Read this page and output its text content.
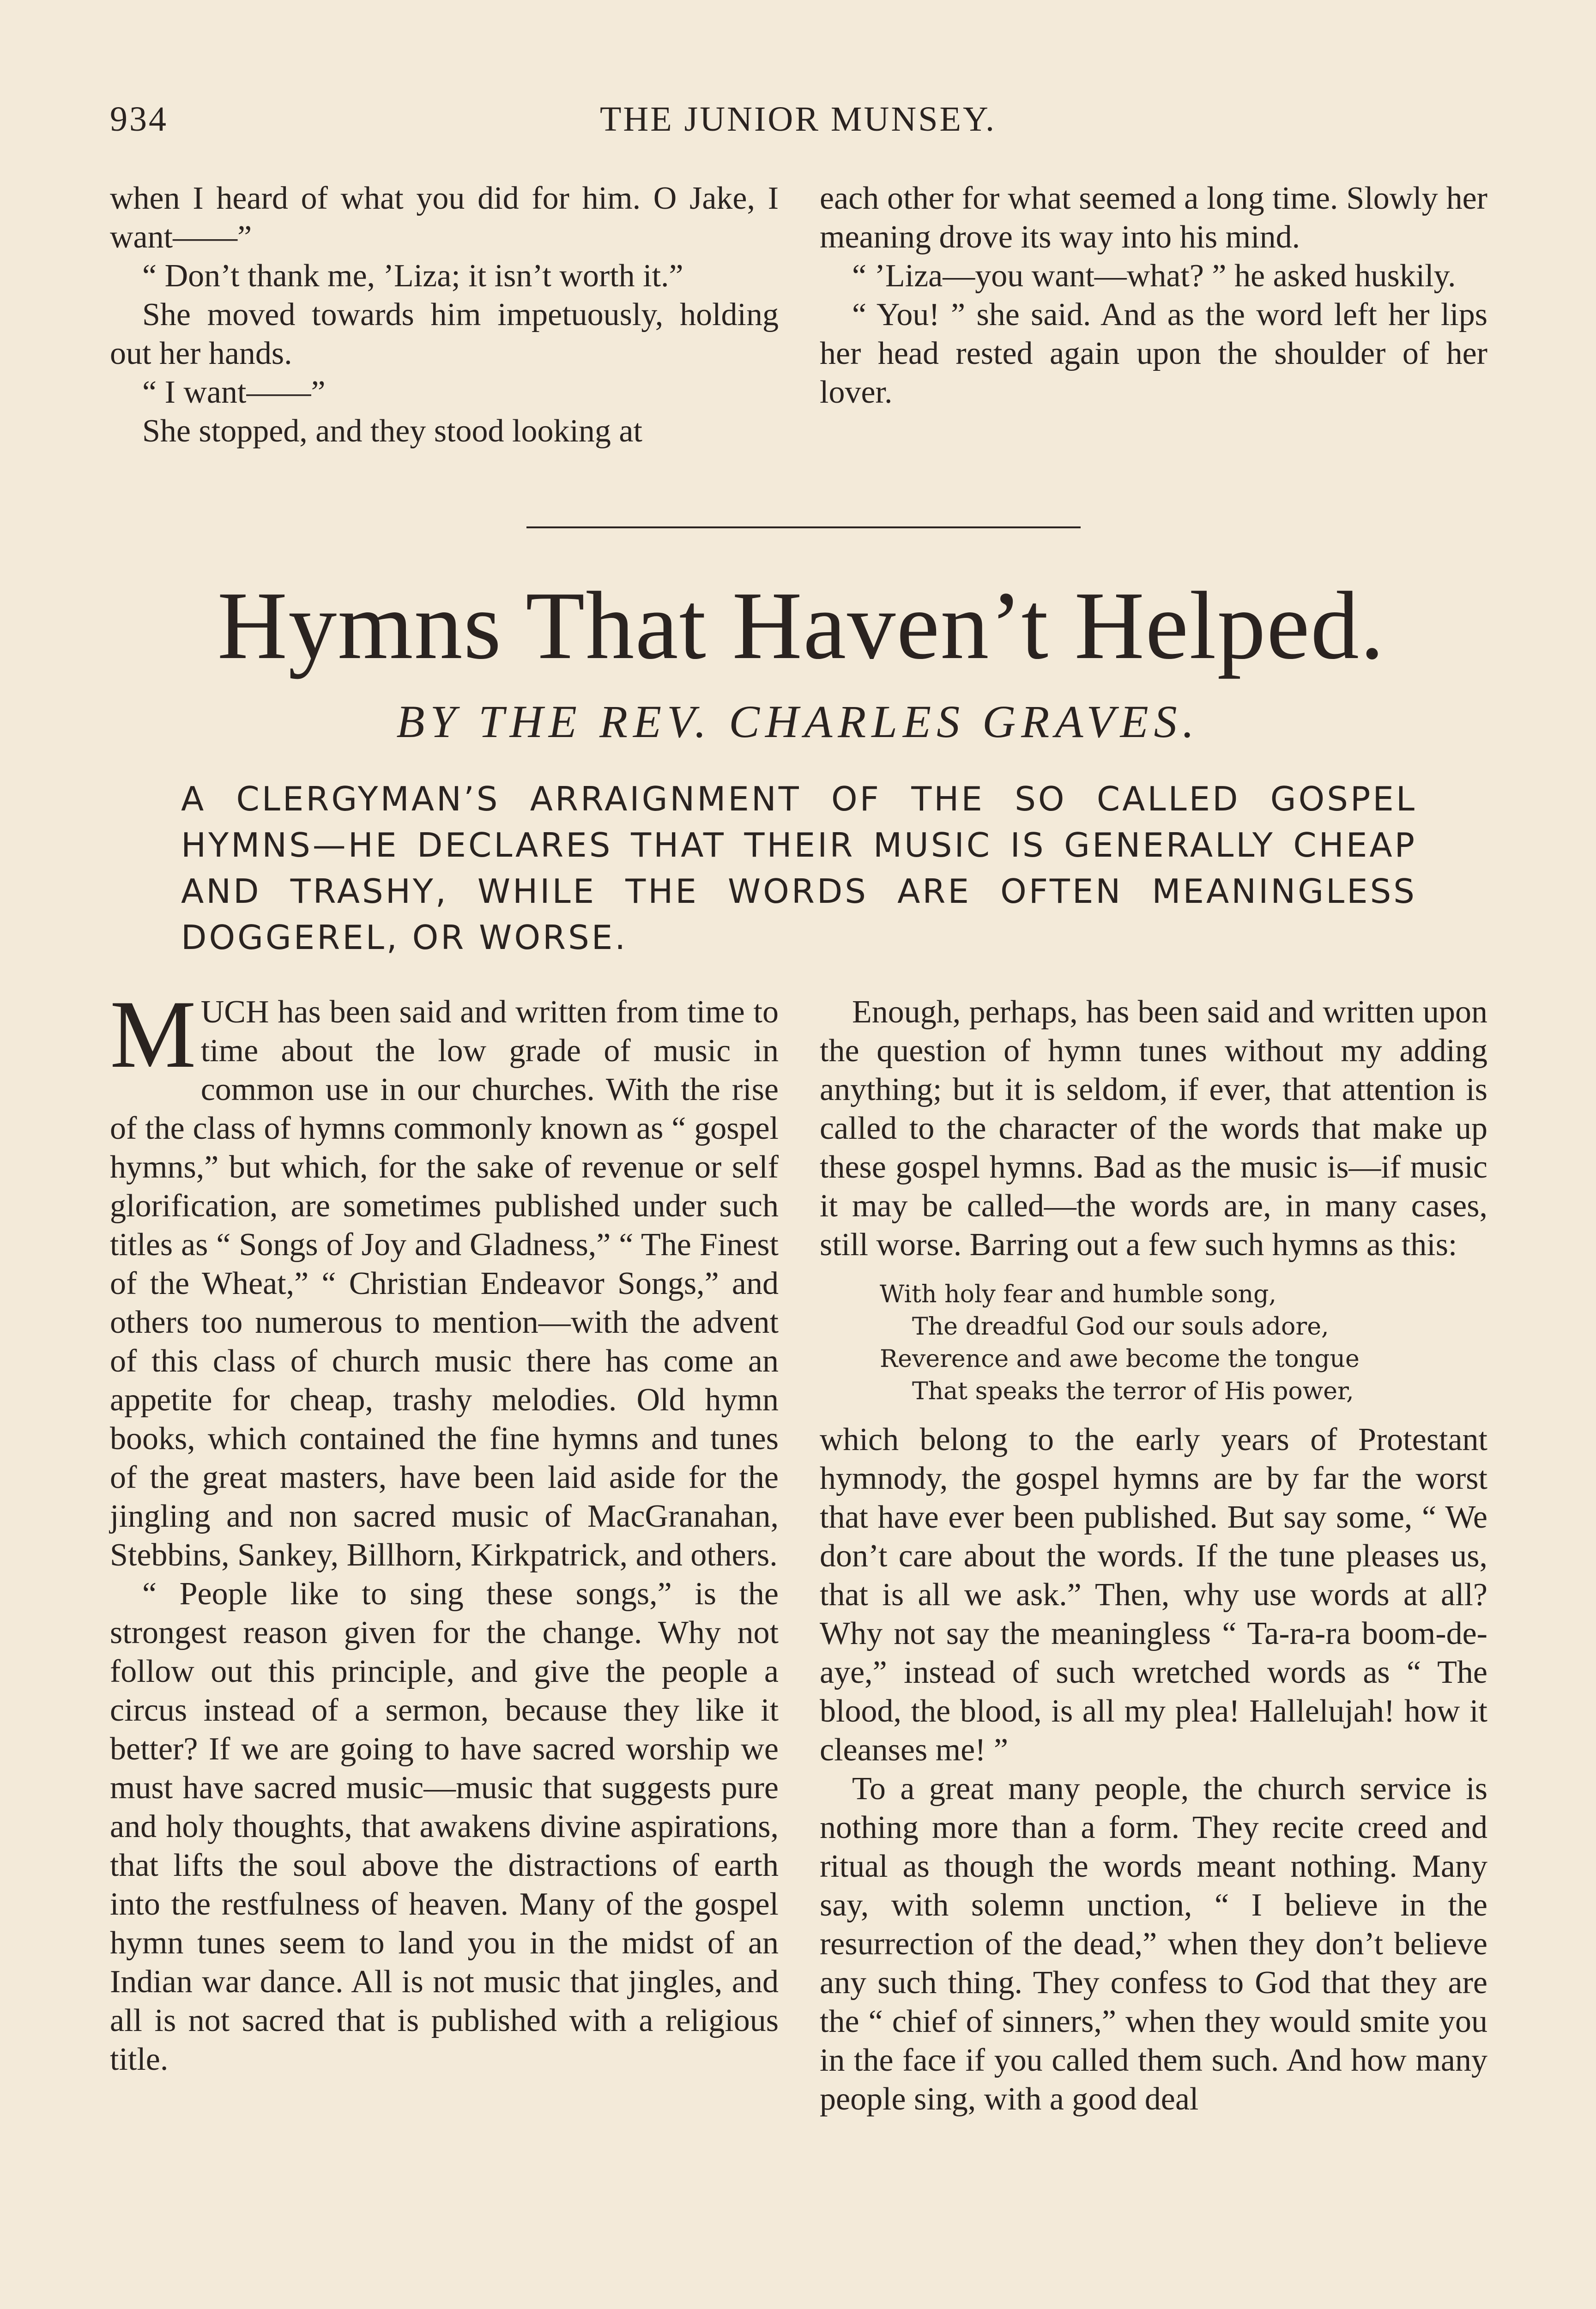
934	THE JUNIOR MUNSEY.

when I heard of what you did for him. O Jake, I want——”

“ Don’t thank me, ’Liza; it isn’t worth it.”

She moved towards him impetuously, holding out her hands.

“ I want——”

She stopped, and they stood looking at

each other for what seemed a long time. Slowly her meaning drove its way into his mind.

“ ’Liza—you want—what? ” he asked huskily.

“ You! ” she said. And as the word left her lips her head rested again upon the shoulder of her lover.

Hymns That Haven’t Helped.
BY THE REV. CHARLES GRAVES.
A CLERGYMAN’S ARRAIGNMENT OF THE SO CALLED GOSPEL HYMNS—HE DECLARES THAT THEIR MUSIC IS GENERALLY CHEAP AND TRASHY, WHILE THE WORDS ARE OFTEN MEANINGLESS DOGGEREL, OR WORSE.

MUCH has been said and written from time to time about the low grade of music in common use in our churches. With the rise of the class of hymns commonly known as “ gospel hymns,” but which, for the sake of revenue or self glorification, are sometimes published under such titles as “ Songs of Joy and Gladness,” “ The Finest of the Wheat,” “ Christian Endeavor Songs,” and others too numerous to mention—with the advent of this class of church music there has come an appetite for cheap, trashy melodies. Old hymn books, which contained the fine hymns and tunes of the great masters, have been laid aside for the jingling and non sacred music of MacGranahan, Stebbins, Sankey, Billhorn, Kirkpatrick, and others.

“ People like to sing these songs,” is the strongest reason given for the change. Why not follow out this principle, and give the people a circus instead of a sermon, because they like it better? If we are going to have sacred worship we must have sacred music—music that suggests pure and holy thoughts, that awakens divine aspirations, that lifts the soul above the distractions of earth into the restfulness of heaven. Many of the gospel hymn tunes seem to land you in the midst of an Indian war dance. All is not music that jingles, and all is not sacred that is published with a religious title.

Enough, perhaps, has been said and written upon the question of hymn tunes without my adding anything; but it is seldom, if ever, that attention is called to the character of the words that make up these gospel hymns. Bad as the music is—if music it may be called—the words are, in many cases, still worse. Barring out a few such hymns as this:

With holy fear and humble song,
The dreadful God our souls adore,
Reverence and awe become the tongue
That speaks the terror of His power,

which belong to the early years of Protestant hymnody, the gospel hymns are by far the worst that have ever been published. But say some, “ We don’t care about the words. If the tune pleases us, that is all we ask.” Then, why use words at all? Why not say the meaningless “ Ta-ra-ra boom-de-aye,” instead of such wretched words as “ The blood, the blood, is all my plea! Hallelujah! how it cleanses me! ”

To a great many people, the church service is nothing more than a form. They recite creed and ritual as though the words meant nothing. Many say, with solemn unction, “ I believe in the resurrection of the dead,” when they don’t believe any such thing. They confess to God that they are the “ chief of sinners,” when they would smite you in the face if you called them such. And how many people sing, with a good deal
